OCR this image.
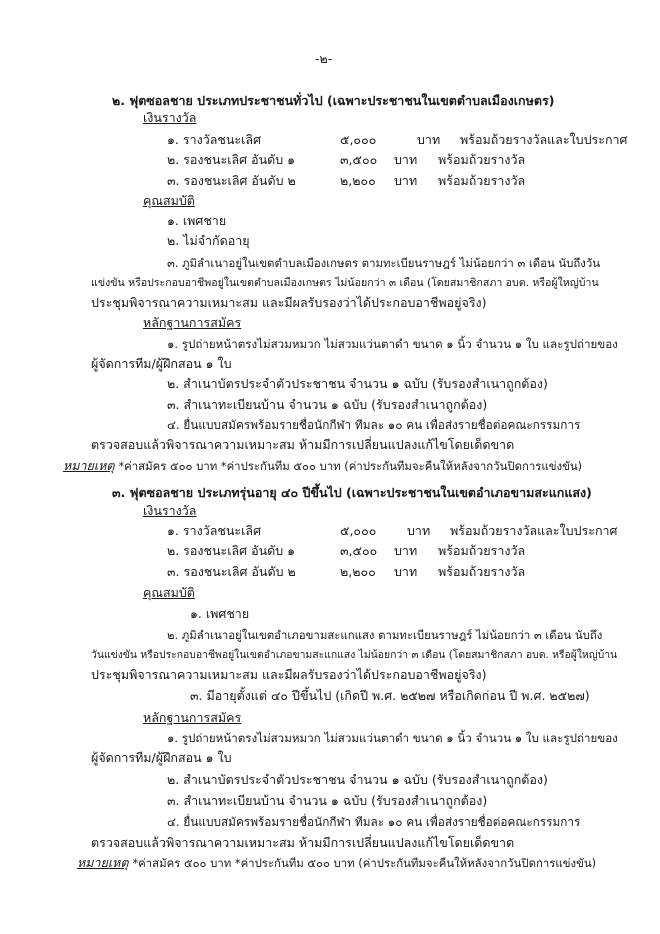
-๒-
๒. ฟุตซอลชาย ประเภทประชาชนทั่วไป (เฉพาะประชาชนในเขตตำบลเมืองเกษตร)
เงินรางวัล
๑. รางวัลชนะเลิศ	๕,๐๐๐	บาท พร้อมถ้วยรางวัลและใบประกาศ
๒. รองชนะเลิศ อันดับ ๑	๓,๕๐๐ บาท พร้อมถ้วยรางวัล
๓. รองชนะเลิศ อันดับ ๒	๒,๒๐๐ บาท พร้อมถ้วยรางวัล
คุณสมบัติ
๑. เพศชาย
๒. ไม่จำกัดอายุ
๓. ภูมิลำเนาอยู่ในเขตตำบลเมืองเกษตร ตามทะเบียนราษฎร์ ไม่น้อยกว่า ๓ เดือน นับถึงวัน
แข่งขัน หรือประกอบอาชีพอยู่ในเขตตำบลเมืองเกษตร ไม่น้อยกว่า ๓ เดือน (โดยสมาชิกสภา อบต. หรือผู้ใหญ่บ้าน
ประชุมพิจารณาความเหมาะสม และมีผลรับรองว่าได้ประกอบอาชีพอยู่จริง)
หลักฐานการสมัคร
๑. รูปถ่ายหน้าตรงไม่สวมหมวก ไม่สวมแว่นตาดำ ขนาด ๑ นิ้ว จำนวน ๑ ใบ และรูปถ่ายของ
ผู้จัดการทีม/ผู้ฝึกสอน ๑ ใบ
๒. สำเนาบัตรประจำตัวประชาชน จำนวน ๑ ฉบับ (รับรองสำเนาถูกต้อง)
๓. สำเนาทะเบียนบ้าน จำนวน ๑ ฉบับ (รับรองสำเนาถูกต้อง)
๔. ยื่นแบบสมัครพร้อมรายชื่อนักกีฬา ทีมละ ๑๐ คน เพื่อส่งรายชื่อต่อคณะกรรมการ
ตรวจสอบแล้วพิจารณาความเหมาะสม ห้ามมีการเปลี่ยนแปลงแก้ไขโดยเด็ดขาด
หมายเหตุ *ค่าสมัคร ๕๐๐ บาท *ค่าประกันทีม ๕๐๐ บาท (ค่าประกันทีมจะคืนให้หลังจากวันปิดการแข่งขัน)
๓. ฟุตซอลชาย ประเภทรุ่นอายุ ๔๐ ปีขึ้นไป (เฉพาะประชาชนในเขตอำเภอขามสะแกแสง)
เงินรางวัล
๑. รางวัลชนะเลิศ	๕,๐๐๐ บาท พร้อมถ้วยรางวัลและใบประกาศ
๒. รองชนะเลิศ อันดับ ๑	๓,๕๐๐ บาท พร้อมถ้วยรางวัล
๓. รองชนะเลิศ อันดับ ๒	๒,๒๐๐ บาท พร้อมถ้วยรางวัล
คุณสมบัติ
๑. เพศชาย
๒. ภูมิลำเนาอยู่ในเขตอำเภอขามสะแกแสง ตามทะเบียนราษฎร์ ไม่น้อยกว่า ๓ เดือน นับถึง
วันแข่งขัน หรือประกอบอาชีพอยู่ในเขตอำเภอขามสะแกแสง ไม่น้อยกว่า ๓ เดือน (โดยสมาชิกสภา อบต. หรือผู้ใหญ่บ้าน
ประชุมพิจารณาความเหมาะสม และมีผลรับรองว่าได้ประกอบอาชีพอยู่จริง)
๓. มีอายุตั้งแต่ ๔๐ ปีขึ้นไป (เกิดปี พ.ศ. ๒๕๒๗ หรือเกิดก่อน ปี พ.ศ. ๒๕๒๗)
หลักฐานการสมัคร
๑. รูปถ่ายหน้าตรงไม่สวมหมวก ไม่สวมแว่นตาดำ ขนาด ๑ นิ้ว จำนวน ๑ ใบ และรูปถ่ายของ
ผู้จัดการทีม/ผู้ฝึกสอน ๑ ใบ
๒. สำเนาบัตรประจำตัวประชาชน จำนวน ๑ ฉบับ (รับรองสำเนาถูกต้อง)
๓. สำเนาทะเบียนบ้าน จำนวน ๑ ฉบับ (รับรองสำเนาถูกต้อง)
๔. ยื่นแบบสมัครพร้อมรายชื่อนักกีฬา ทีมละ ๑๐ คน เพื่อส่งรายชื่อต่อคณะกรรมการ
ตรวจสอบแล้วพิจารณาความเหมาะสม ห้ามมีการเปลี่ยนแปลงแก้ไขโดยเด็ดขาด
หมายเหตุ *ค่าสมัคร ๕๐๐ บาท *ค่าประกันทีม ๕๐๐ บาท (ค่าประกันทีมจะคืนให้หลังจากวันปิดการแข่งขัน)
